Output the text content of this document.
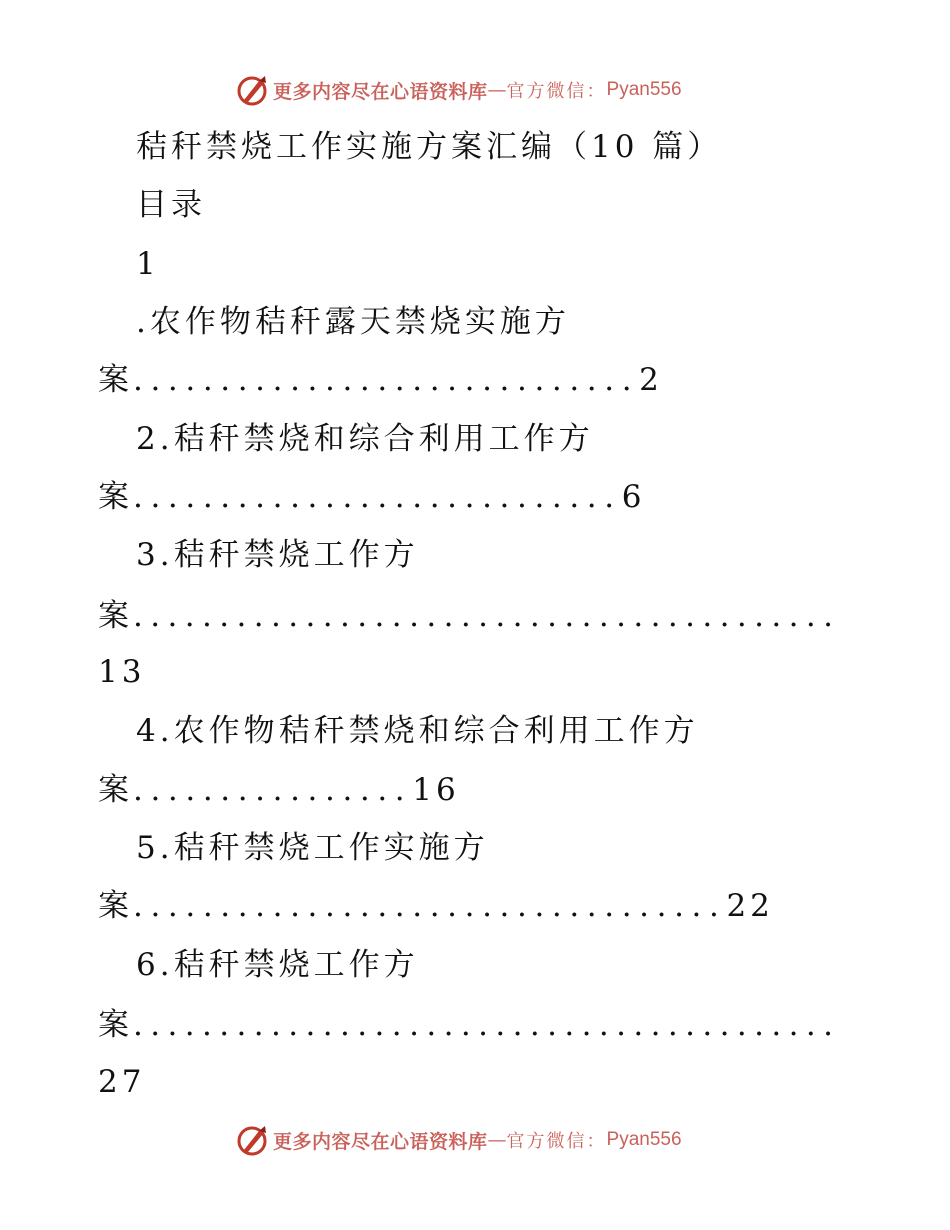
更多内容尽在心语资料库 — 官方微信： Pyan556
秸秆禁烧工作实施方案汇编（10 篇）
目录
1
.农作物秸秆露天禁烧实施方
案.............................2
2.秸秆禁烧和综合利用工作方
案............................6
3.秸秆禁烧工作方
案.........................................
13
4.农作物秸秆禁烧和综合利用工作方
案................16
5.秸秆禁烧工作实施方
案..................................22
6.秸秆禁烧工作方
案.........................................
27
更多内容尽在心语资料库 — 官方微信： Pyan556
